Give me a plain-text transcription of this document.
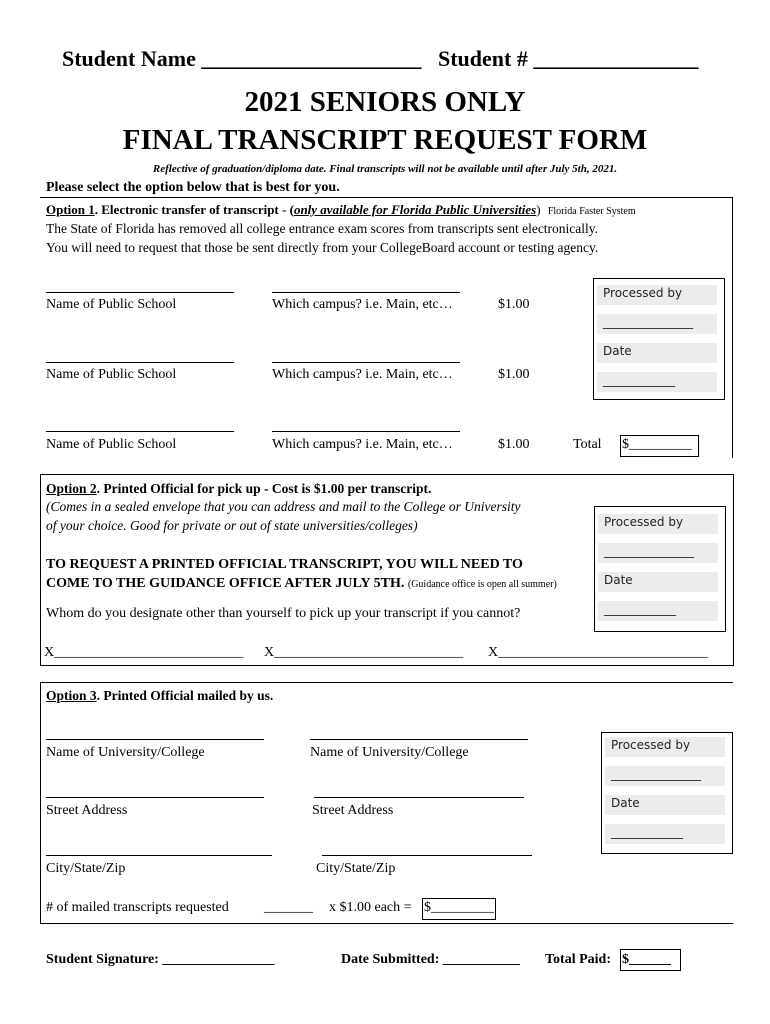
Student Name ____________________ Student # _______________
2021 SENIORS ONLY
FINAL TRANSCRIPT REQUEST FORM
Reflective of graduation/diploma date. Final transcripts will not be available until after July 5th, 2021.
Please select the option below that is best for you.
Option 1. Electronic transfer of transcript - (only available for Florida Public Universities) Florida Faster System
The State of Florida has removed all college entrance exam scores from transcripts sent electronically.
You will need to request that those be sent directly from your CollegeBoard account or testing agency.
Name of Public School	Which campus? i.e. Main, etc…	$1.00
Name of Public School	Which campus? i.e. Main, etc…	$1.00
Name of Public School	Which campus? i.e. Main, etc…	$1.00	Total $_________
Processed by
_______________
Date
____________
Option 2. Printed Official for pick up - Cost is $1.00 per transcript.
(Comes in a sealed envelope that you can address and mail to the College or University
of your choice. Good for private or out of state universities/colleges)
TO REQUEST A PRINTED OFFICIAL TRANSCRIPT, YOU WILL NEED TO
COME TO THE GUIDANCE OFFICE AFTER JULY 5TH. (Guidance office is open all summer)
Whom do you designate other than yourself to pick up your transcript if you cannot?
X___________________________ X___________________________ X______________________________
Processed by
_______________
Date
____________
Option 3. Printed Official mailed by us.
Name of University/College	Name of University/College
Street Address	Street Address
City/State/Zip	City/State/Zip
# of mailed transcripts requested	_______ x $1.00 each = $_________
Processed by
_______________
Date
____________
Student Signature: ________________	Date Submitted: ___________ Total Paid: $______
